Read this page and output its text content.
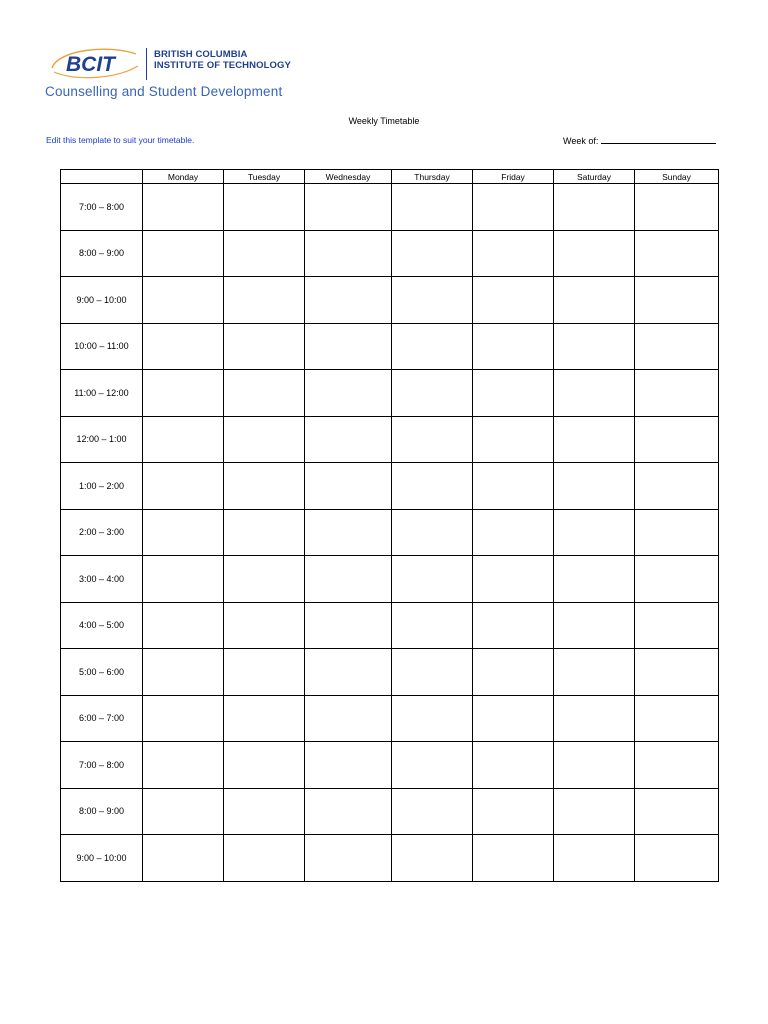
BCIT	BRITISH COLUMBIA
INSTITUTE OF TECHNOLOGY
Counselling and Student Development
Weekly Timetable
Edit this template to suit your timetable.	Week of:
	Monday	Tuesday	Wednesday	Thursday	Friday	Saturday	Sunday
7:00 – 8:00							
8:00 – 9:00							
9:00 – 10:00							
10:00 – 11:00							
11:00 – 12:00							
12:00 – 1:00							
1:00 – 2:00							
2:00 – 3:00							
3:00 – 4:00							
4:00 – 5:00							
5:00 – 6:00							
6:00 – 7:00							
7:00 – 8:00							
8:00 – 9:00							
9:00 – 10:00							
